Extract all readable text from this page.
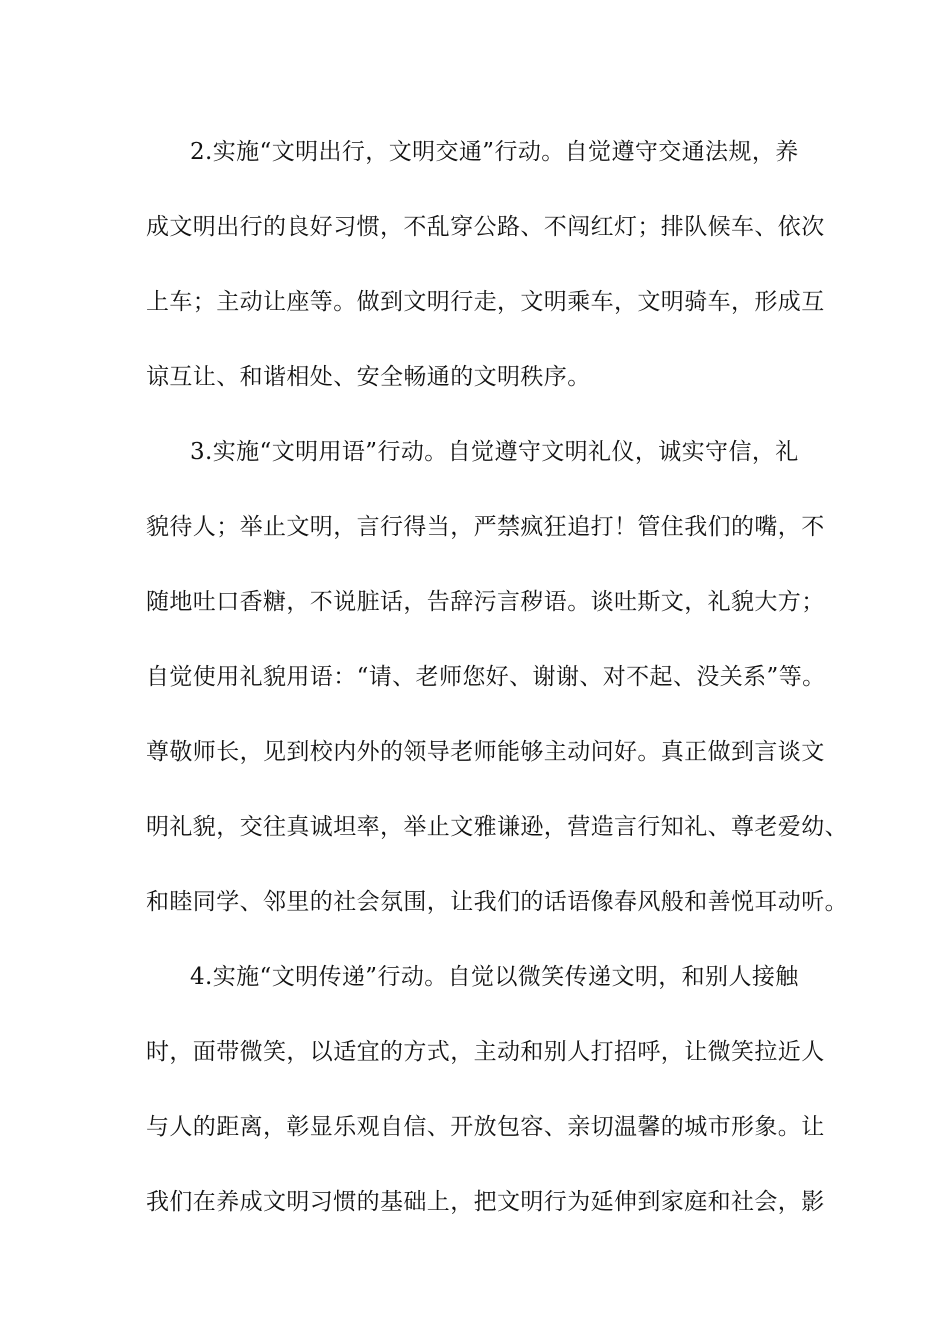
2.实施“文明出行，文明交通”行动。自觉遵守交通法规，养
成文明出行的良好习惯，不乱穿公路、不闯红灯；排队候车、依次
上车；主动让座等。做到文明行走，文明乘车，文明骑车，形成互
谅互让、和谐相处、安全畅通的文明秩序。
3.实施“文明用语”行动。自觉遵守文明礼仪，诚实守信，礼
貌待人；举止文明，言行得当，严禁疯狂追打！管住我们的嘴，不
随地吐口香糖，不说脏话，告辞污言秽语。谈吐斯文，礼貌大方；
自觉使用礼貌用语：“请、老师您好、谢谢、对不起、没关系”等。
尊敬师长，见到校内外的领导老师能够主动问好。真正做到言谈文
明礼貌，交往真诚坦率，举止文雅谦逊，营造言行知礼、尊老爱幼、
和睦同学、邻里的社会氛围，让我们的话语像春风般和善悦耳动听。
4.实施“文明传递”行动。自觉以微笑传递文明，和别人接触
时，面带微笑，以适宜的方式，主动和别人打招呼，让微笑拉近人
与人的距离，彰显乐观自信、开放包容、亲切温馨的城市形象。让
我们在养成文明习惯的基础上，把文明行为延伸到家庭和社会，影
